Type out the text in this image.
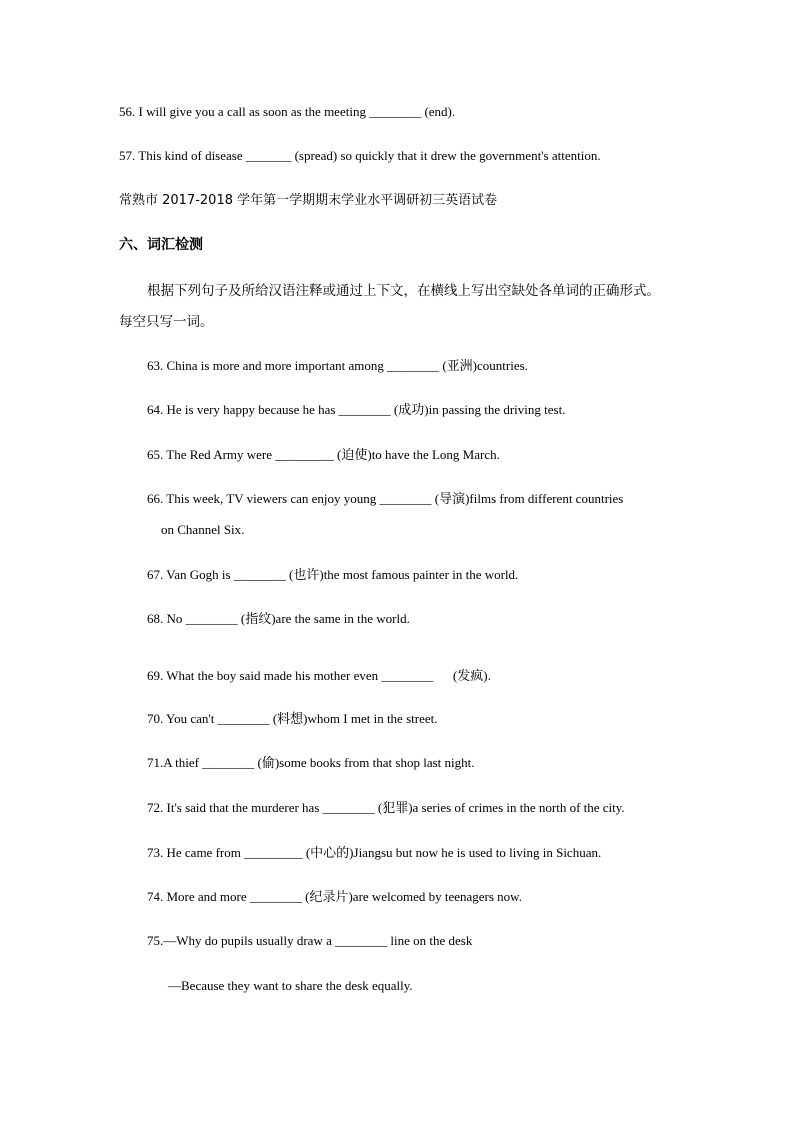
56. I will give you a call as soon as the meeting ________ (end).
57. This kind of disease _______ (spread) so quickly that it drew the government's attention.
常熟市 2017-2018 学年第一学期期末学业水平调研初三英语试卷
六、词汇检测
根据下列句子及所给汉语注释或通过上下文，在横线上写出空缺处各单词的正确形式。
每空只写一词。
63. China is more and more important among ________ (亚洲)countries.
64. He is very happy because he has ________ (成功)in passing the driving test.
65. The Red Army were _________ (迫使)to have the Long March.
66. This week, TV viewers can enjoy young ________ (导演)films from different countries
on Channel Six.
67. Van Gogh is ________ (也许)the most famous painter in the world.
68. No ________ (指纹)are the same in the world.
69. What the boy said made his mother even ________      (发疯).
70. You can't ________ (料想)whom I met in the street.
71.A thief ________ (偷)some books from that shop last night.
72. It's said that the murderer has ________ (犯罪)a series of crimes in the north of the city.
73. He came from _________ (中心的)Jiangsu but now he is used to living in Sichuan.
74. More and more ________ (纪录片)are welcomed by teenagers now.
75.—Why do pupils usually draw a ________ line on the desk
—Because they want to share the desk equally.
